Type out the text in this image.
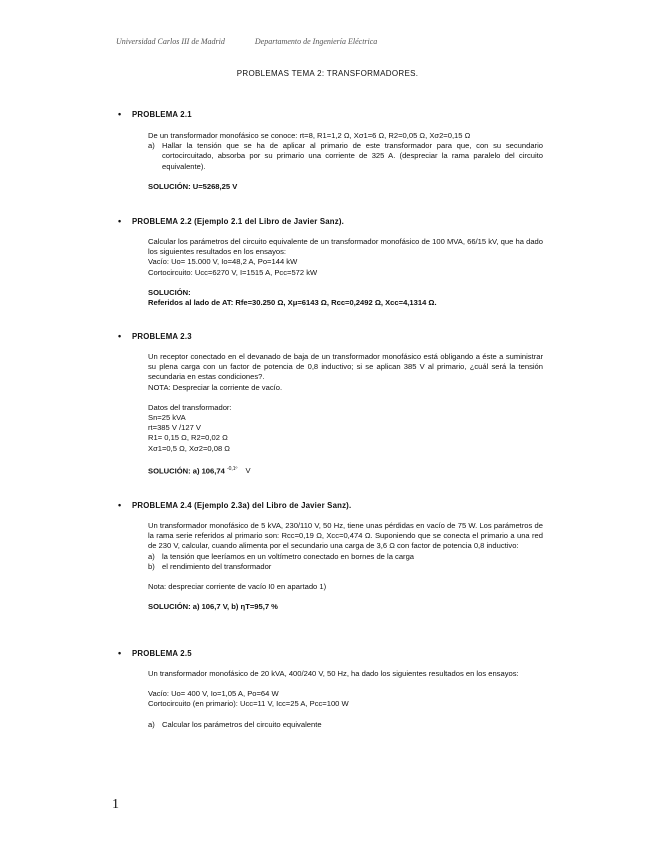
Universidad Carlos III de Madrid	Departamento de Ingeniería Eléctrica
PROBLEMAS TEMA 2: TRANSFORMADORES.
• PROBLEMA 2.1

De un transformador monofásico se conoce: rt=8, R1=1,2 Ω, Xσ1=6 Ω, R2=0,05 Ω, Xσ2=0,15 Ω

a) Hallar la tensión que se ha de aplicar al primario de este transformador para que, con su secundario cortocircuitado, absorba por su primario una corriente de 325 A. (despreciar la rama paralelo del circuito equivalente).

SOLUCIÓN: U=5268,25 V

• PROBLEMA 2.2 (Ejemplo 2.1 del Libro de Javier Sanz).

Calcular los parámetros del circuito equivalente de un transformador monofásico de 100 MVA, 66/15 kV, que ha dado los siguientes resultados en los ensayos:

Vacío: Uo= 15.000 V, Io=48,2 A, Po=144 kW

Cortocircuito: Ucc=6270 V, I=1515 A, Pcc=572 kW

SOLUCIÓN:

Referidos al lado de AT: Rfe=30.250 Ω, Xμ=6143 Ω, Rcc=0,2492 Ω, Xcc=4,1314 Ω.

• PROBLEMA 2.3

Un receptor conectado en el devanado de baja de un transformador monofásico está obligando a éste a suministrar su plena carga con un factor de potencia de 0,8 inductivo; si se aplican 385 V al primario, ¿cuál será la tensión secundaria en estas condiciones?.

NOTA: Despreciar la corriente de vacío.

Datos del transformador:

Sn=25 kVA

rt=385 V /127 V

R1= 0,15 Ω, R2=0,02 Ω

Xσ1=0,5 Ω, Xσ2=0,08 Ω

SOLUCIÓN: a) 106,74 $^{-0,1º}$ V

• PROBLEMA 2.4 (Ejemplo 2.3a) del Libro de Javier Sanz).

Un transformador monofásico de 5 kVA, 230/110 V, 50 Hz, tiene unas pérdidas en vacío de 75 W. Los parámetros de la rama serie referidos al primario son: Rcc=0,19 Ω, Xcc=0,474 Ω. Suponiendo que se conecta el primario a una red de 230 V, calcular, cuando alimenta por el secundario una carga de 3,6 Ω con factor de potencia 0,8 inductivo:

a) la tensión que leeríamos en un voltímetro conectado en bornes de la carga
b) el rendimiento del transformador

Nota: despreciar corriente de vacío I0 en apartado 1)

SOLUCIÓN: a) 106,7 V, b) ηT=95,7 %

• PROBLEMA 2.5

Un transformador monofásico de 20 kVA, 400/240 V, 50 Hz, ha dado los siguientes resultados en los ensayos:

Vacío: Uo= 400 V, Io=1,05 A, Po=64 W

Cortocircuito (en primario): Ucc=11 V, Icc=25 A, Pcc=100 W

a) Calcular los parámetros del circuito equivalente
1
